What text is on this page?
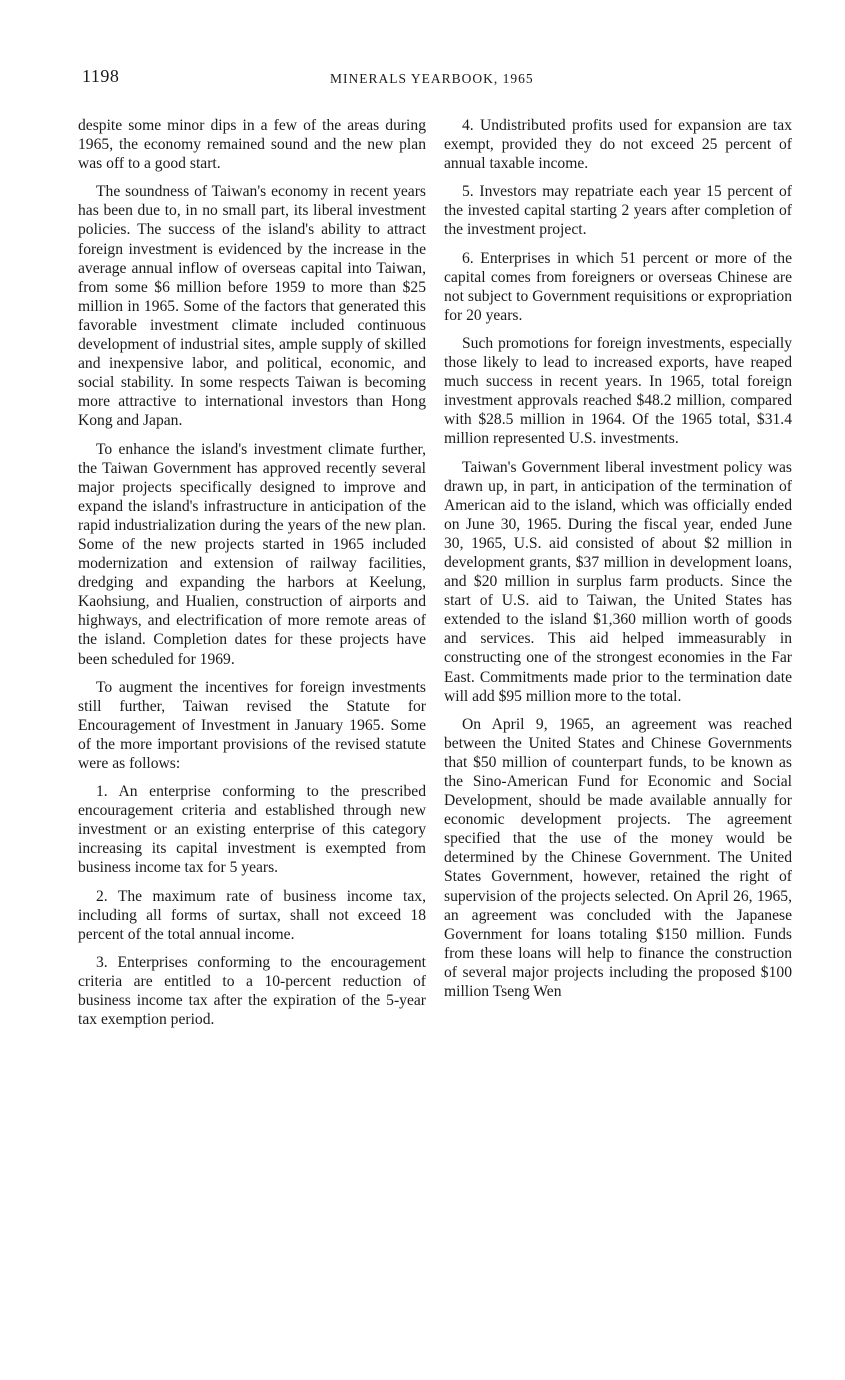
1198	MINERALS YEARBOOK, 1965

despite some minor dips in a few of the areas during 1965, the economy remained sound and the new plan was off to a good start.

The soundness of Taiwan's economy in recent years has been due to, in no small part, its liberal investment policies. The success of the island's ability to attract foreign investment is evidenced by the increase in the average annual inflow of overseas capital into Taiwan, from some $6 million before 1959 to more than $25 million in 1965. Some of the factors that generated this favorable investment climate included continuous development of industrial sites, ample supply of skilled and inexpensive labor, and political, economic, and social stability. In some respects Taiwan is becoming more attractive to international investors than Hong Kong and Japan.

To enhance the island's investment climate further, the Taiwan Government has approved recently several major projects specifically designed to improve and expand the island's infrastructure in anticipation of the rapid industrialization during the years of the new plan. Some of the new projects started in 1965 included modernization and extension of railway facilities, dredging and expanding the harbors at Keelung, Kaohsiung, and Hualien, construction of airports and highways, and electrification of more remote areas of the island. Completion dates for these projects have been scheduled for 1969.

To augment the incentives for foreign investments still further, Taiwan revised the Statute for Encouragement of Investment in January 1965. Some of the more important provisions of the revised statute were as follows:

1. An enterprise conforming to the prescribed encouragement criteria and established through new investment or an existing enterprise of this category increasing its capital investment is exempted from business income tax for 5 years.

2. The maximum rate of business income tax, including all forms of surtax, shall not exceed 18 percent of the total annual income.

3. Enterprises conforming to the encouragement criteria are entitled to a 10-percent reduction of business income tax after the expiration of the 5-year tax exemption period.

4. Undistributed profits used for expansion are tax exempt, provided they do not exceed 25 percent of annual taxable income.

5. Investors may repatriate each year 15 percent of the invested capital starting 2 years after completion of the investment project.

6. Enterprises in which 51 percent or more of the capital comes from foreigners or overseas Chinese are not subject to Government requisitions or expropriation for 20 years.

Such promotions for foreign investments, especially those likely to lead to increased exports, have reaped much success in recent years. In 1965, total foreign investment approvals reached $48.2 million, compared with $28.5 million in 1964. Of the 1965 total, $31.4 million represented U.S. investments.

Taiwan's Government liberal investment policy was drawn up, in part, in anticipation of the termination of American aid to the island, which was officially ended on June 30, 1965. During the fiscal year, ended June 30, 1965, U.S. aid consisted of about $2 million in development grants, $37 million in development loans, and $20 million in surplus farm products. Since the start of U.S. aid to Taiwan, the United States has extended to the island $1,360 million worth of goods and services. This aid helped immeasurably in constructing one of the strongest economies in the Far East. Commitments made prior to the termination date will add $95 million more to the total.

On April 9, 1965, an agreement was reached between the United States and Chinese Governments that $50 million of counterpart funds, to be known as the Sino-American Fund for Economic and Social Development, should be made available annually for economic development projects. The agreement specified that the use of the money would be determined by the Chinese Government. The United States Government, however, retained the right of supervision of the projects selected. On April 26, 1965, an agreement was concluded with the Japanese Government for loans totaling $150 million. Funds from these loans will help to finance the construction of several major projects including the proposed $100 million Tseng Wen
